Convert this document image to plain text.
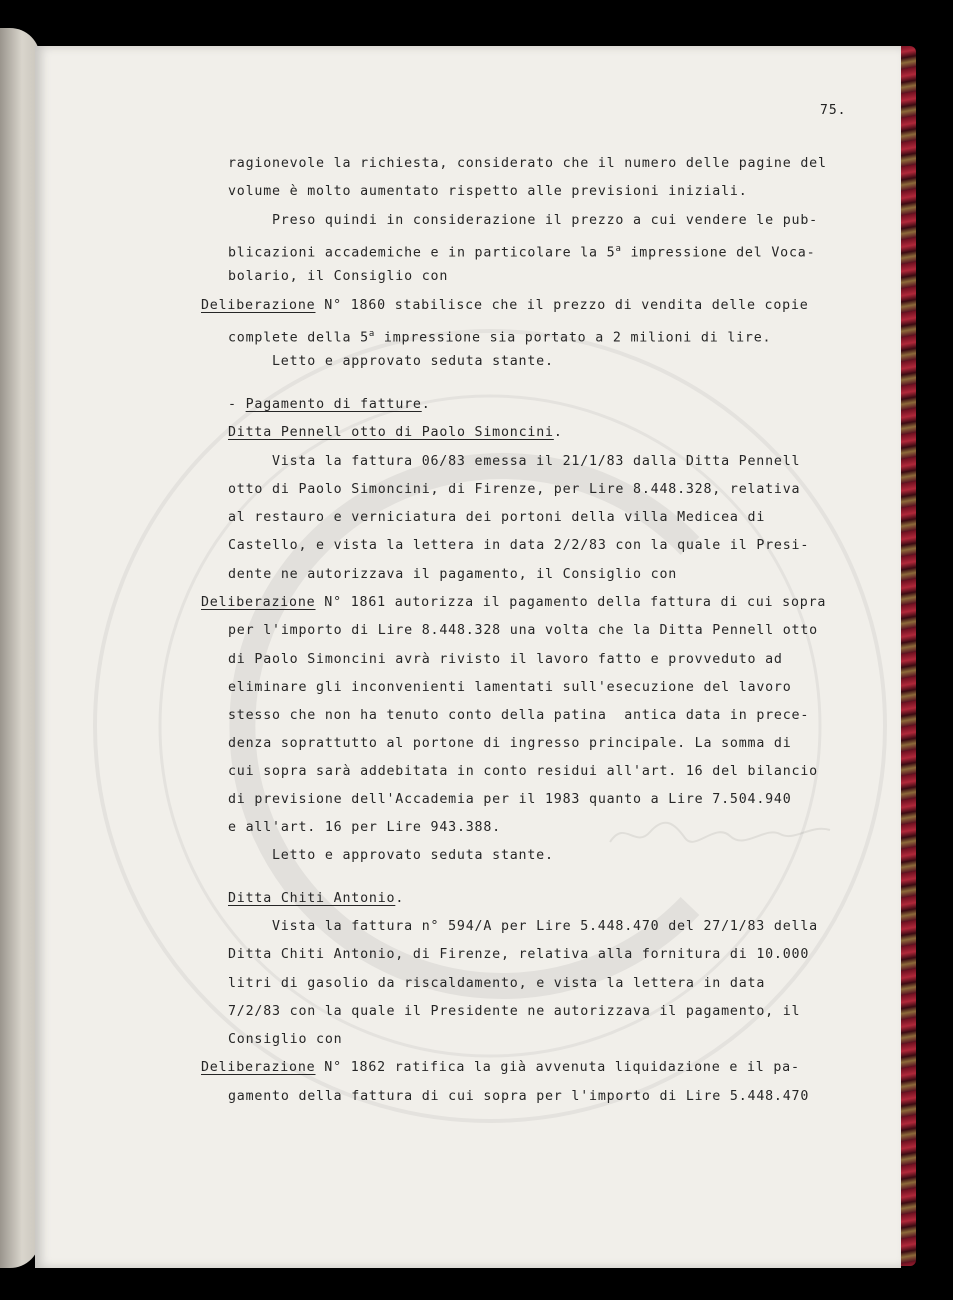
75.
ragionevole la richiesta, considerato che il numero delle pagine del
volume è molto aumentato rispetto alle previsioni iniziali.
Preso quindi in considerazione il prezzo a cui vendere le pub-
blicazioni accademiche e in particolare la 5$^a$ impressione del Voca-
bolario, il Consiglio con
Deliberazione N° 1860 stabilisce che il prezzo di vendita delle copie
complete della 5$^a$ impressione sia portato a 2 milioni di lire.
Letto e approvato seduta stante.
- Pagamento di fatture.
Ditta Pennell otto di Paolo Simoncini.
Vista la fattura 06/83 emessa il 21/1/83 dalla Ditta Pennell
otto di Paolo Simoncini, di Firenze, per Lire 8.448.328, relativa
al restauro e verniciatura dei portoni della villa Medicea di
Castello, e vista la lettera in data 2/2/83 con la quale il Presi-
dente ne autorizzava il pagamento, il Consiglio con
Deliberazione N° 1861 autorizza il pagamento della fattura di cui sopra
per l'importo di Lire 8.448.328 una volta che la Ditta Pennell otto
di Paolo Simoncini avrà rivisto il lavoro fatto e provveduto ad
eliminare gli inconvenienti lamentati sull'esecuzione del lavoro
stesso che non ha tenuto conto della patina  antica data in prece-
denza soprattutto al portone di ingresso principale. La somma di
cui sopra sarà addebitata in conto residui all'art. 16 del bilancio
di previsione dell'Accademia per il 1983 quanto a Lire 7.504.940
e all'art. 16 per Lire 943.388.
Letto e approvato seduta stante.
Ditta Chiti Antonio.
Vista la fattura n° 594/A per Lire 5.448.470 del 27/1/83 della
Ditta Chiti Antonio, di Firenze, relativa alla fornitura di 10.000
litri di gasolio da riscaldamento, e vista la lettera in data
7/2/83 con la quale il Presidente ne autorizzava il pagamento, il
Consiglio con
Deliberazione N° 1862 ratifica la già avvenuta liquidazione e il pa-
gamento della fattura di cui sopra per l'importo di Lire 5.448.470
